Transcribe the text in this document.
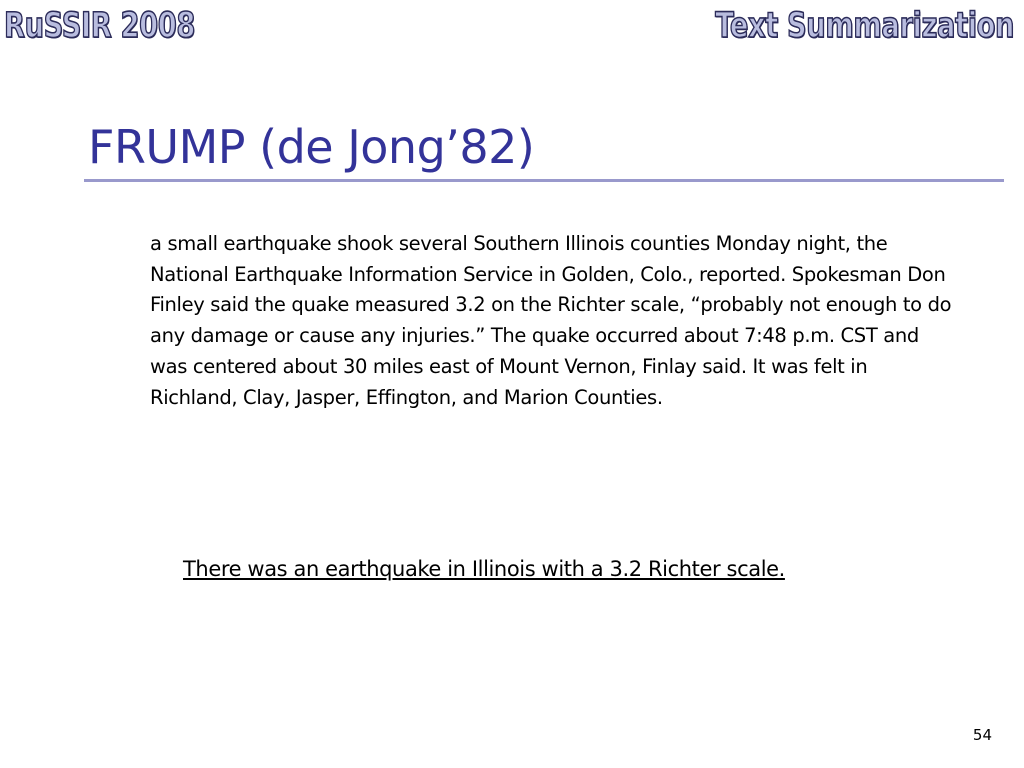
RuSSIR 2008	Text Summarization
FRUMP (de Jong’82)

a small earthquake shook several Southern Illinois counties Monday night, the National Earthquake Information Service in Golden, Colo., reported. Spokesman Don Finley said the quake measured 3.2 on the Richter scale, “probably not enough to do any damage or cause any injuries.” The quake occurred about 7:48 p.m. CST and was centered about 30 miles east of Mount Vernon, Finlay said. It was felt in Richland, Clay, Jasper, Effington, and Marion Counties.

There was an earthquake in Illinois with a 3.2 Richter scale.
54
